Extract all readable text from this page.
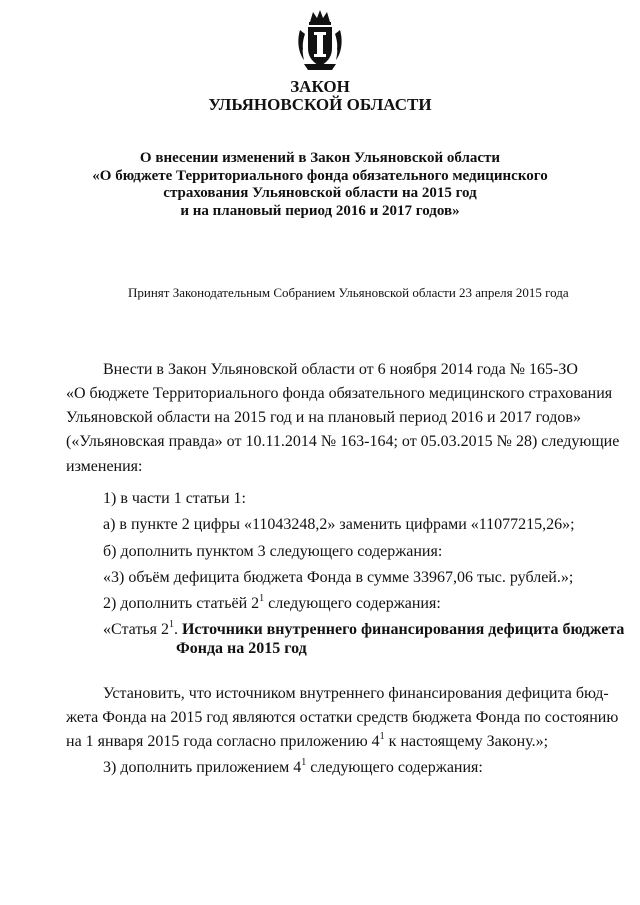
ЗАКОН
УЛЬЯНОВСКОЙ ОБЛАСТИ
О внесении изменений в Закон Ульяновской области
«О бюджете Территориального фонда обязательного медицинского
страхования Ульяновской области на 2015 год
и на плановый период 2016 и 2017 годов»
Принят Законодательным Собранием Ульяновской области 23 апреля 2015 года
Внести в Закон Ульяновской области от 6 ноября 2014 года № 165-ЗО
«О бюджете Территориального фонда обязательного медицинского страхования
Ульяновской области на 2015 год и на плановый период 2016 и 2017 годов»
(«Ульяновская правда» от 10.11.2014 № 163-164; от 05.03.2015 № 28) следующие
изменения:
1) в части 1 статьи 1:
а) в пункте 2 цифры «11043248,2» заменить цифрами «11077215,26»;
б) дополнить пунктом 3 следующего содержания:
«3) объём дефицита бюджета Фонда в сумме 33967,06 тыс. рублей.»;
2) дополнить статьёй $2^1$ следующего содержания:
«Статья $2^1$. Источники внутреннего финансирования дефицита бюджета
Фонда на 2015 год
Установить, что источником внутреннего финансирования дефицита бюд-
жета Фонда на 2015 год являются остатки средств бюджета Фонда по состоянию
на 1 января 2015 года согласно приложению $4^1$ к настоящему Закону.»;
3) дополнить приложением $4^1$ следующего содержания:
